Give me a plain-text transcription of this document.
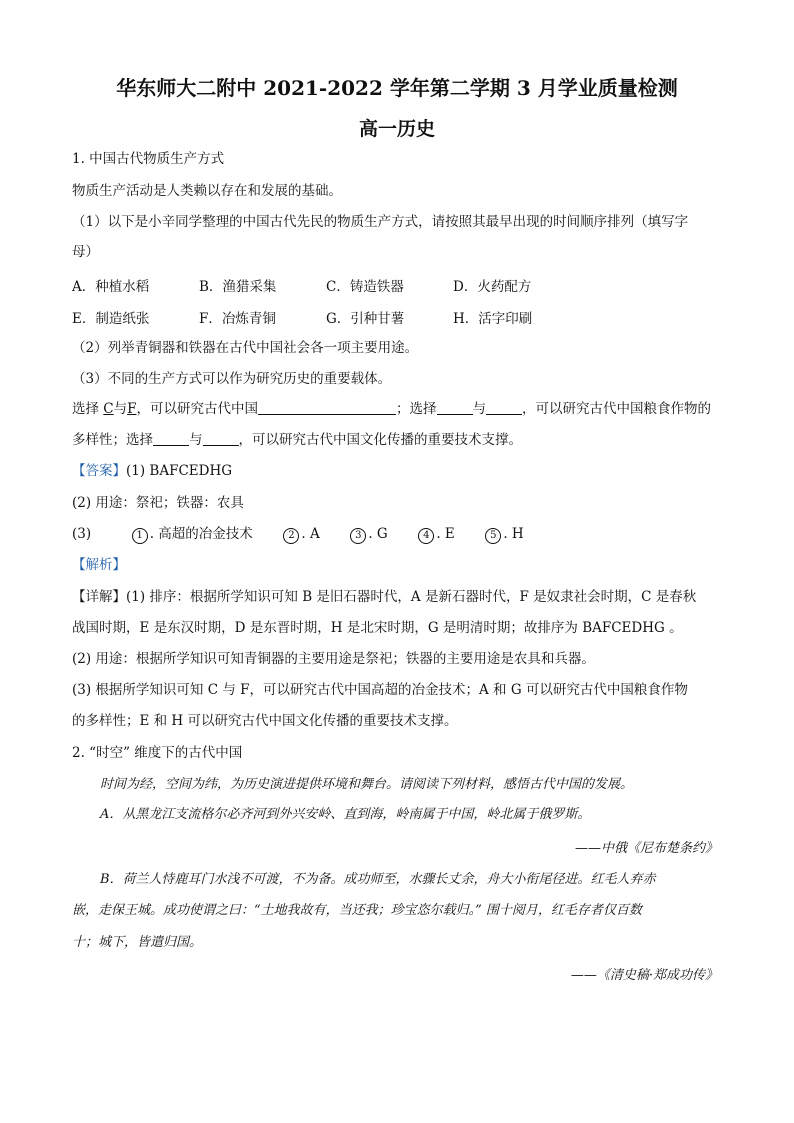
华东师大二附中 2021-2022 学年第二学期 3 月学业质量检测
高一历史
1. 中国古代物质生产方式
物质生产活动是人类赖以存在和发展的基础。
（1）以下是小辛同学整理的中国古代先民的物质生产方式，请按照其最早出现的时间顺序排列（填写字
母）
A．种植水稻	B．渔猎采集	C．铸造铁器	D．火药配方
E．制造纸张	F．冶炼青铜	G．引种甘薯	H．活字印刷
（2）列举青铜器和铁器在古代中国社会各一项主要用途。
（3）不同的生产方式可以作为研究历史的重要载体。
选择 C与F，可以研究古代中国	；选择	与	，可以研究古代中国粮食作物的
多样性；选择	与	，可以研究古代中国文化传播的重要技术支撑。
【答案】(1) BAFCEDHG
(2) 用途：祭祀；铁器：农具
(3)	1 . 高超的冶金技术	2 . A	3 . G	4 . E	5 . H
【解析】
【详解】(1) 排序：根据所学知识可知 B 是旧石器时代，A 是新石器时代，F 是奴隶社会时期，C 是春秋
战国时期，E 是东汉时期，D 是东晋时期，H 是北宋时期，G 是明清时期；故排序为 BAFCEDHG 。
(2) 用途：根据所学知识可知青铜器的主要用途是祭祀；铁器的主要用途是农具和兵器。
(3) 根据所学知识可知 C 与 F，可以研究古代中国高超的冶金技术；A 和 G 可以研究古代中国粮食作物
的多样性；E 和 H 可以研究古代中国文化传播的重要技术支撑。
2. “时空” 维度下的古代中国
时间为经，空间为纬，为历史演进提供环境和舞台。请阅读下列材料，感悟古代中国的发展。
A．从黑龙江支流格尔必齐河到外兴安岭、直到海，岭南属于中国，岭北属于俄罗斯。
——中俄《尼布楚条约》
B．荷兰人恃鹿耳门水浅不可渡，不为备。成功师至，水骤长丈余，舟大小衔尾径进。红毛人弃赤
嵌，走保王城。成功使谓之曰：“土地我故有，当还我；珍宝恣尔载归。” 围十阅月，红毛存者仅百数
十；城下，皆遣归国。
——《清史稿·郑成功传》
